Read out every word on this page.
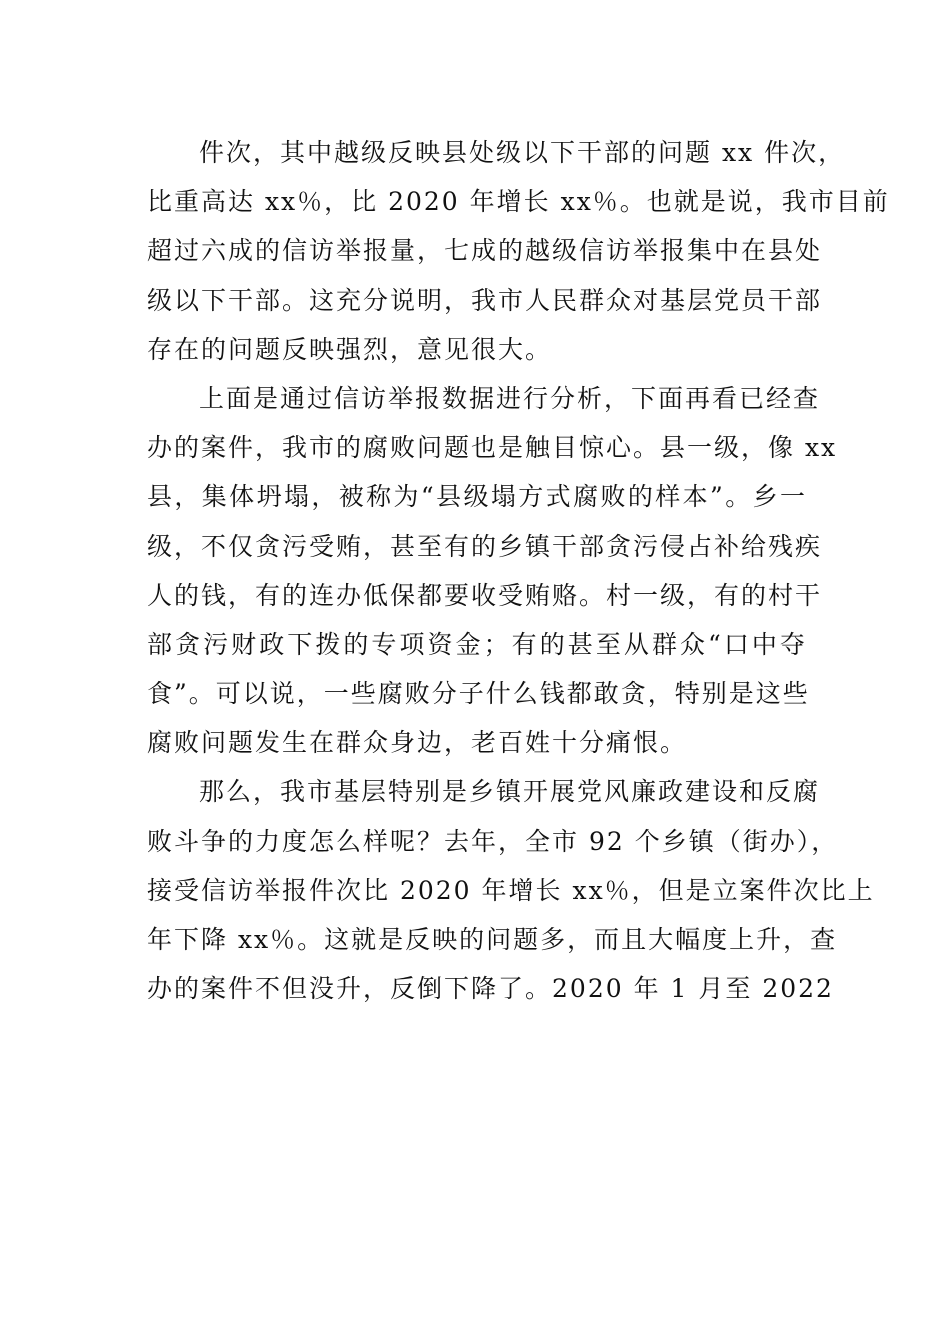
件次，其中越级反映县处级以下干部的问题 xx 件次，
比重高达 xx％，比 2020 年增长 xx％。也就是说，我市目前
超过六成的信访举报量，七成的越级信访举报集中在县处
级以下干部。这充分说明，我市人民群众对基层党员干部
存在的问题反映强烈，意见很大。
上面是通过信访举报数据进行分析，下面再看已经查
办的案件，我市的腐败问题也是触目惊心。县一级，像 xx
县，集体坍塌，被称为“县级塌方式腐败的样本”。乡一
级，不仅贪污受贿，甚至有的乡镇干部贪污侵占补给残疾
人的钱，有的连办低保都要收受贿赂。村一级，有的村干
部贪污财政下拨的专项资金；有的甚至从群众“口中夺
食”。可以说，一些腐败分子什么钱都敢贪，特别是这些
腐败问题发生在群众身边，老百姓十分痛恨。
那么，我市基层特别是乡镇开展党风廉政建设和反腐
败斗争的力度怎么样呢？去年，全市 92 个乡镇（街办），
接受信访举报件次比 2020 年增长 xx％，但是立案件次比上
年下降 xx％。这就是反映的问题多，而且大幅度上升，查
办的案件不但没升，反倒下降了。2020 年 1 月至 2022
